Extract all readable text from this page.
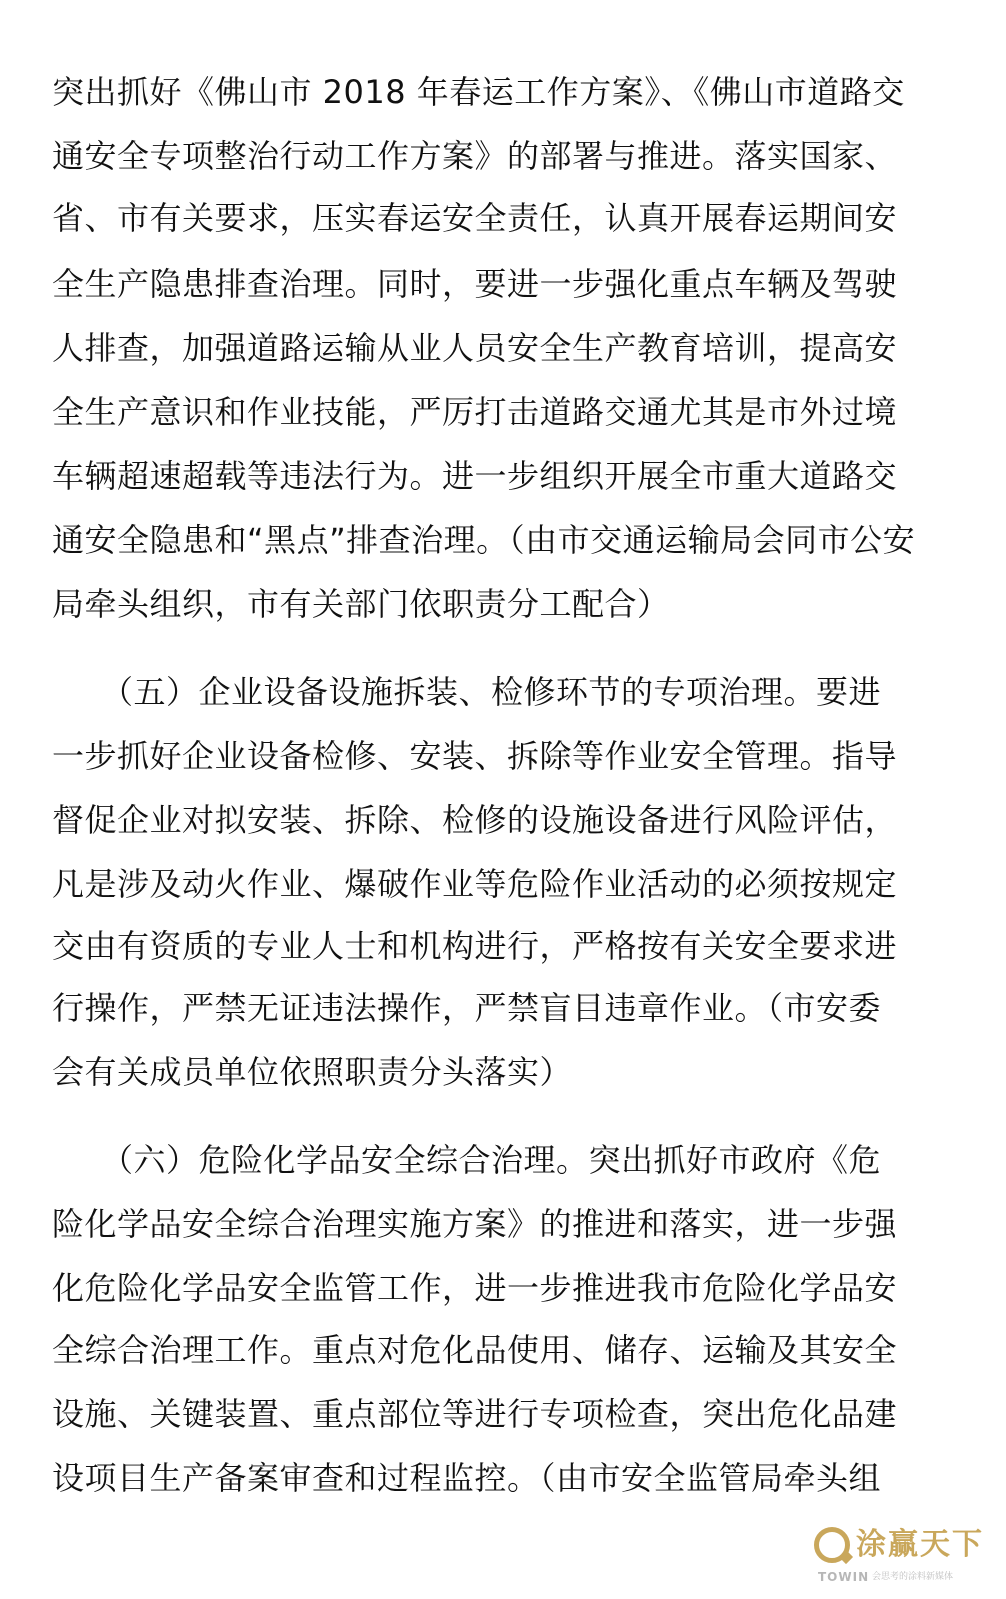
突出抓好《佛山市 2018 年春运工作方案》、《佛山市道路交
通安全专项整治行动工作方案》的部署与推进。落实国家、
省、市有关要求，压实春运安全责任，认真开展春运期间安
全生产隐患排查治理。同时，要进一步强化重点车辆及驾驶
人排查，加强道路运输从业人员安全生产教育培训，提高安
全生产意识和作业技能，严厉打击道路交通尤其是市外过境
车辆超速超载等违法行为。进一步组织开展全市重大道路交
通安全隐患和“黑点”排查治理。（由市交通运输局会同市公安
局牵头组织，市有关部门依职责分工配合）
　　（五）企业设备设施拆装、检修环节的专项治理。要进
一步抓好企业设备检修、安装、拆除等作业安全管理。指导
督促企业对拟安装、拆除、检修的设施设备进行风险评估，
凡是涉及动火作业、爆破作业等危险作业活动的必须按规定
交由有资质的专业人士和机构进行，严格按有关安全要求进
行操作，严禁无证违法操作，严禁盲目违章作业。（市安委
会有关成员单位依照职责分头落实）
　　（六）危险化学品安全综合治理。突出抓好市政府《危
险化学品安全综合治理实施方案》的推进和落实，进一步强
化危险化学品安全监管工作，进一步推进我市危险化学品安
全综合治理工作。重点对危化品使用、储存、运输及其安全
设施、关键装置、重点部位等进行专项检查，突出危化品建
设项目生产备案审查和过程监控。（由市安全监管局牵头组
涂赢天下
TOWIN 会思考的涂料新媒体
